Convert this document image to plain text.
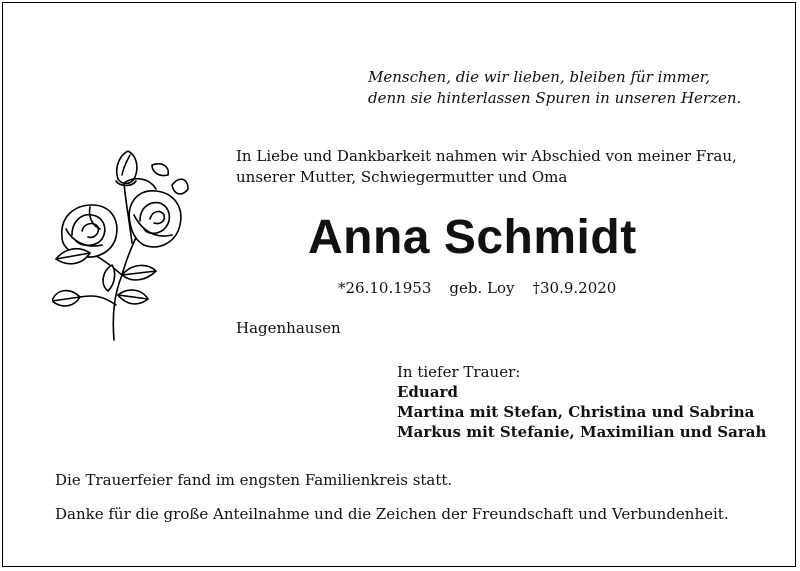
Menschen, die wir lieben, bleiben für immer,
denn sie hinterlassen Spuren in unseren Herzen.
In Liebe und Dankbarkeit nahmen wir Abschied von meiner Frau,
unserer Mutter, Schwiegermutter und Oma
Anna Schmidt
*26.10.1953 geb. Loy †30.9.2020
Hagenhausen
In tiefer Trauer:
Eduard
Martina mit Stefan, Christina und Sabrina
Markus mit Stefanie, Maximilian und Sarah
Die Trauerfeier fand im engsten Familienkreis statt.
Danke für die große Anteilnahme und die Zeichen der Freundschaft und Verbundenheit.
